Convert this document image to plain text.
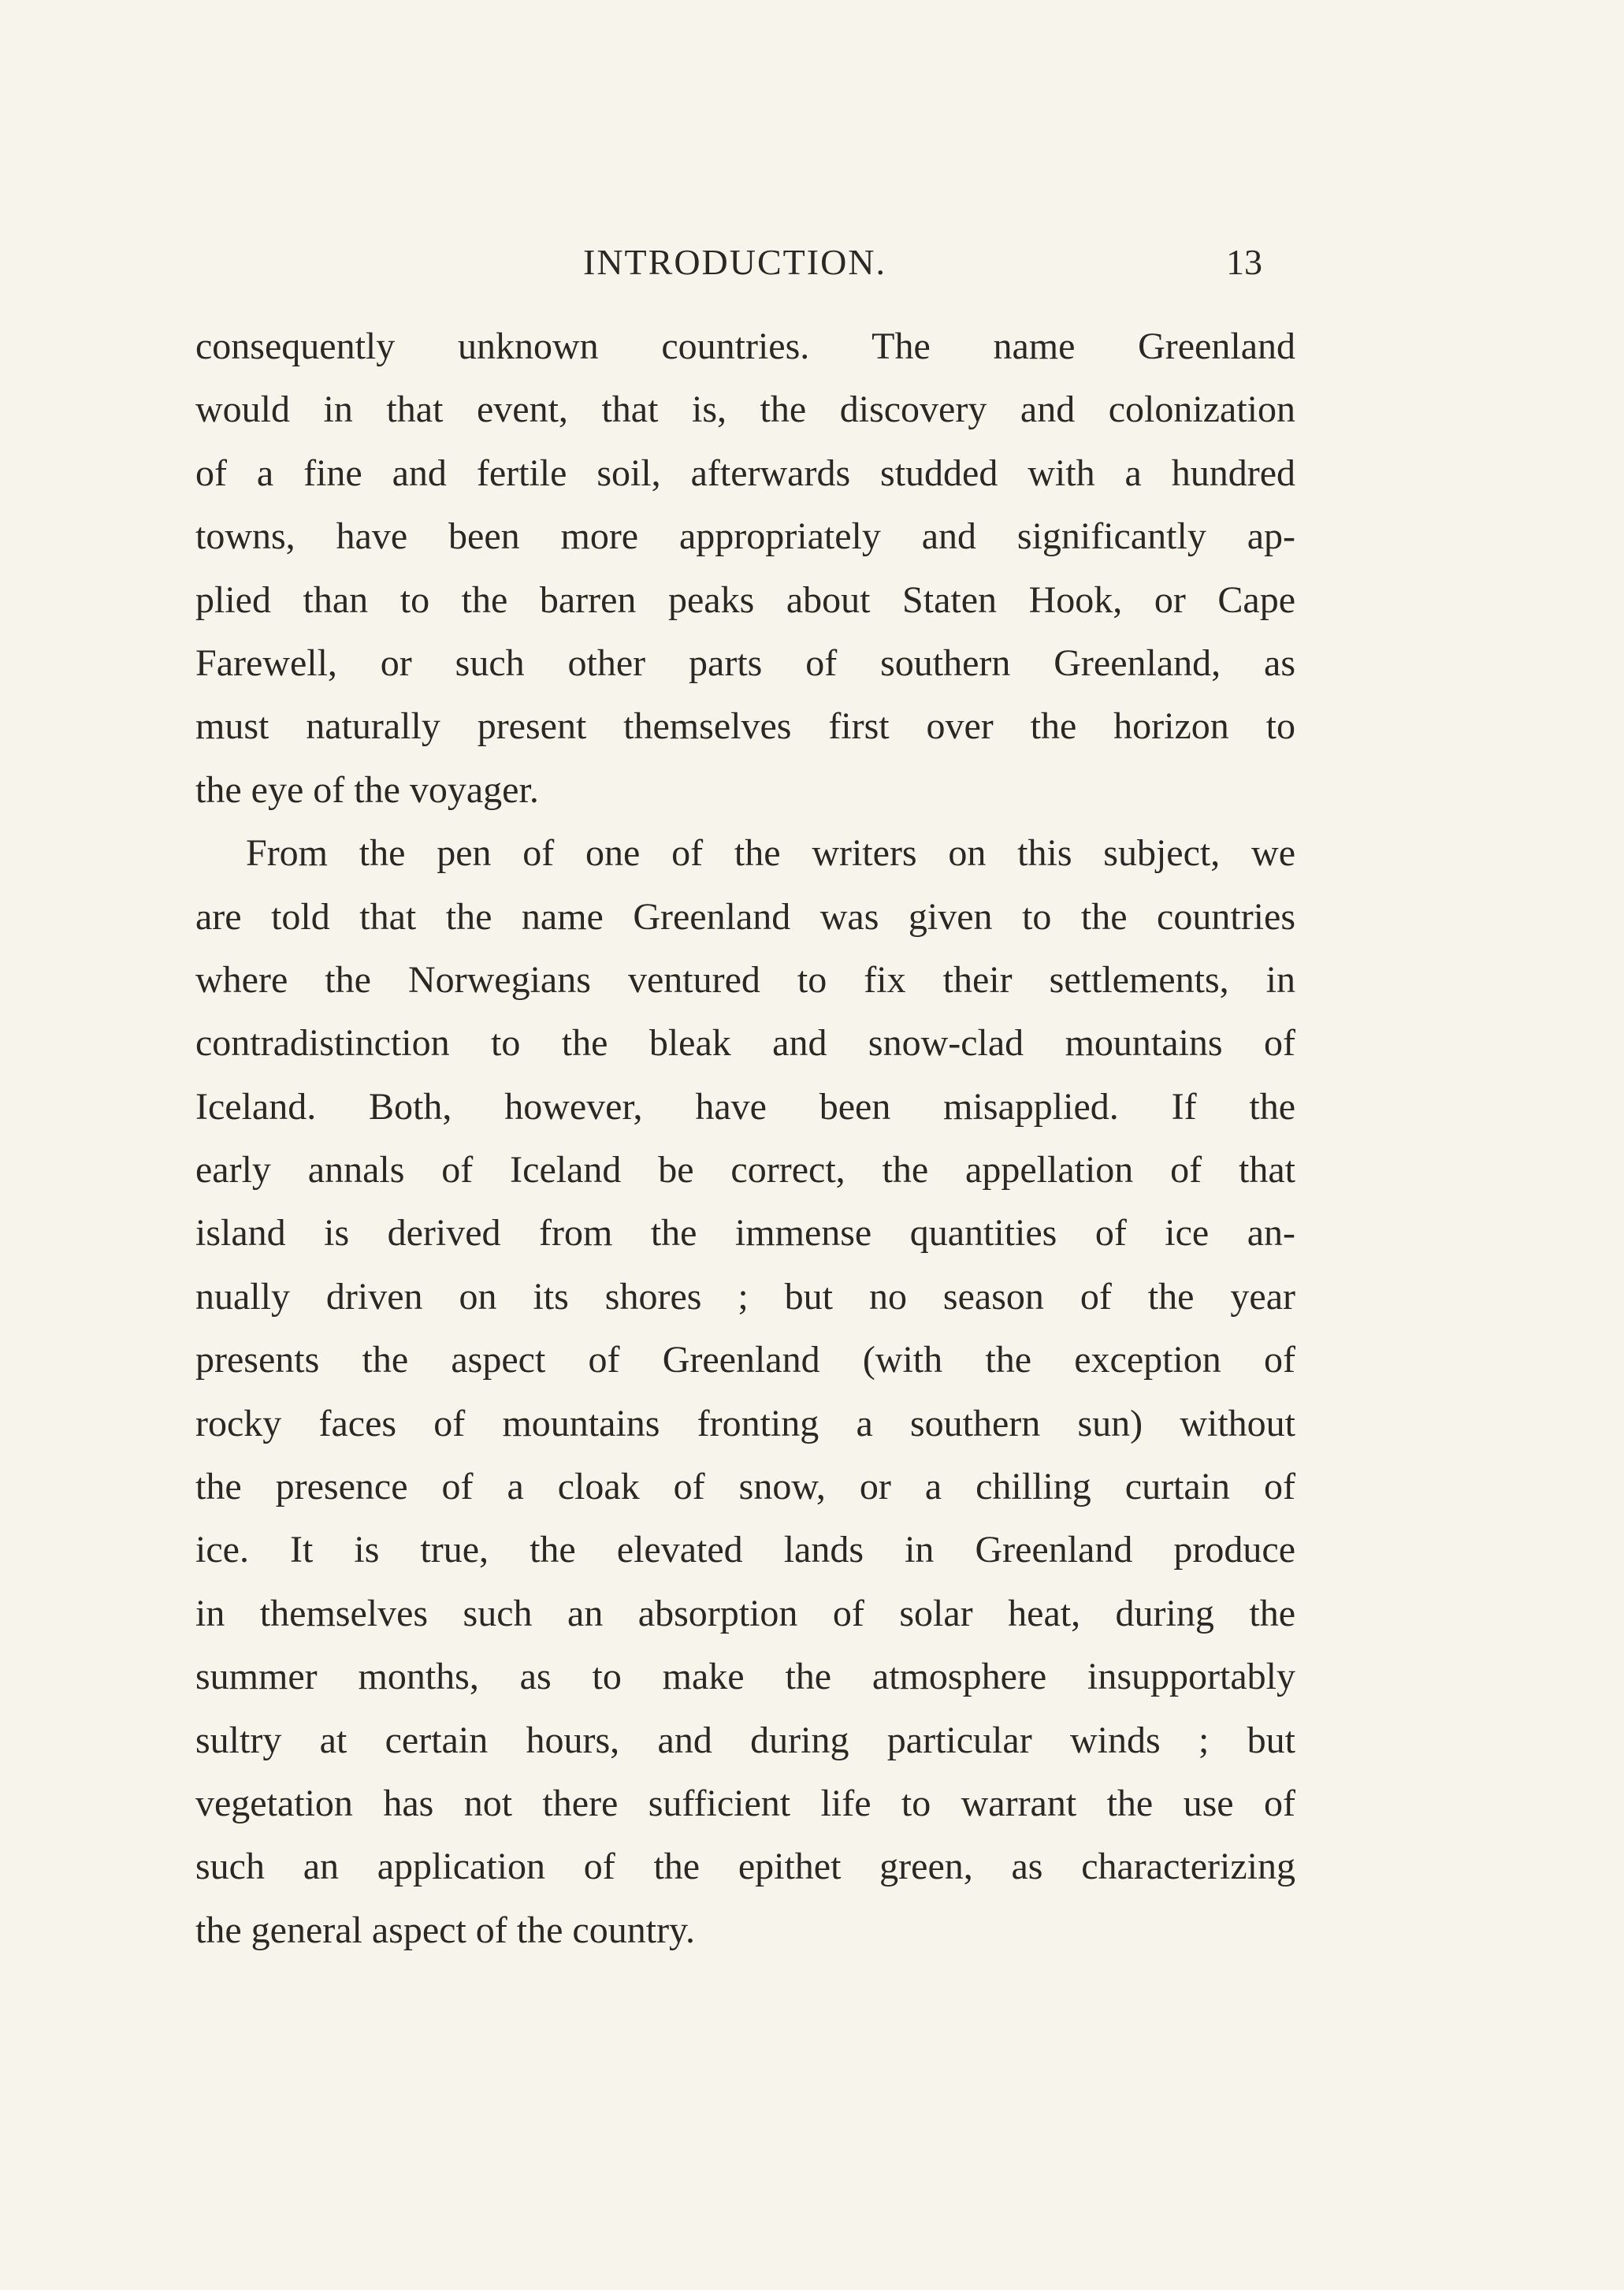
INTRODUCTION.	13
consequently unknown countries. The name Greenland
would in that event, that is, the discovery and colonization
of a fine and fertile soil, afterwards studded with a hundred
towns, have been more appropriately and significantly ap-
plied than to the barren peaks about Staten Hook, or Cape
Farewell, or such other parts of southern Greenland, as
must naturally present themselves first over the horizon to
the eye of the voyager.
From the pen of one of the writers on this subject, we
are told that the name Greenland was given to the countries
where the Norwegians ventured to fix their settlements, in
contradistinction to the bleak and snow-clad mountains of
Iceland. Both, however, have been misapplied. If the
early annals of Iceland be correct, the appellation of that
island is derived from the immense quantities of ice an-
nually driven on its shores ; but no season of the year
presents the aspect of Greenland (with the exception of
rocky faces of mountains fronting a southern sun) without
the presence of a cloak of snow, or a chilling curtain of
ice. It is true, the elevated lands in Greenland produce
in themselves such an absorption of solar heat, during the
summer months, as to make the atmosphere insupportably
sultry at certain hours, and during particular winds ; but
vegetation has not there sufficient life to warrant the use of
such an application of the epithet green, as characterizing
the general aspect of the country.
